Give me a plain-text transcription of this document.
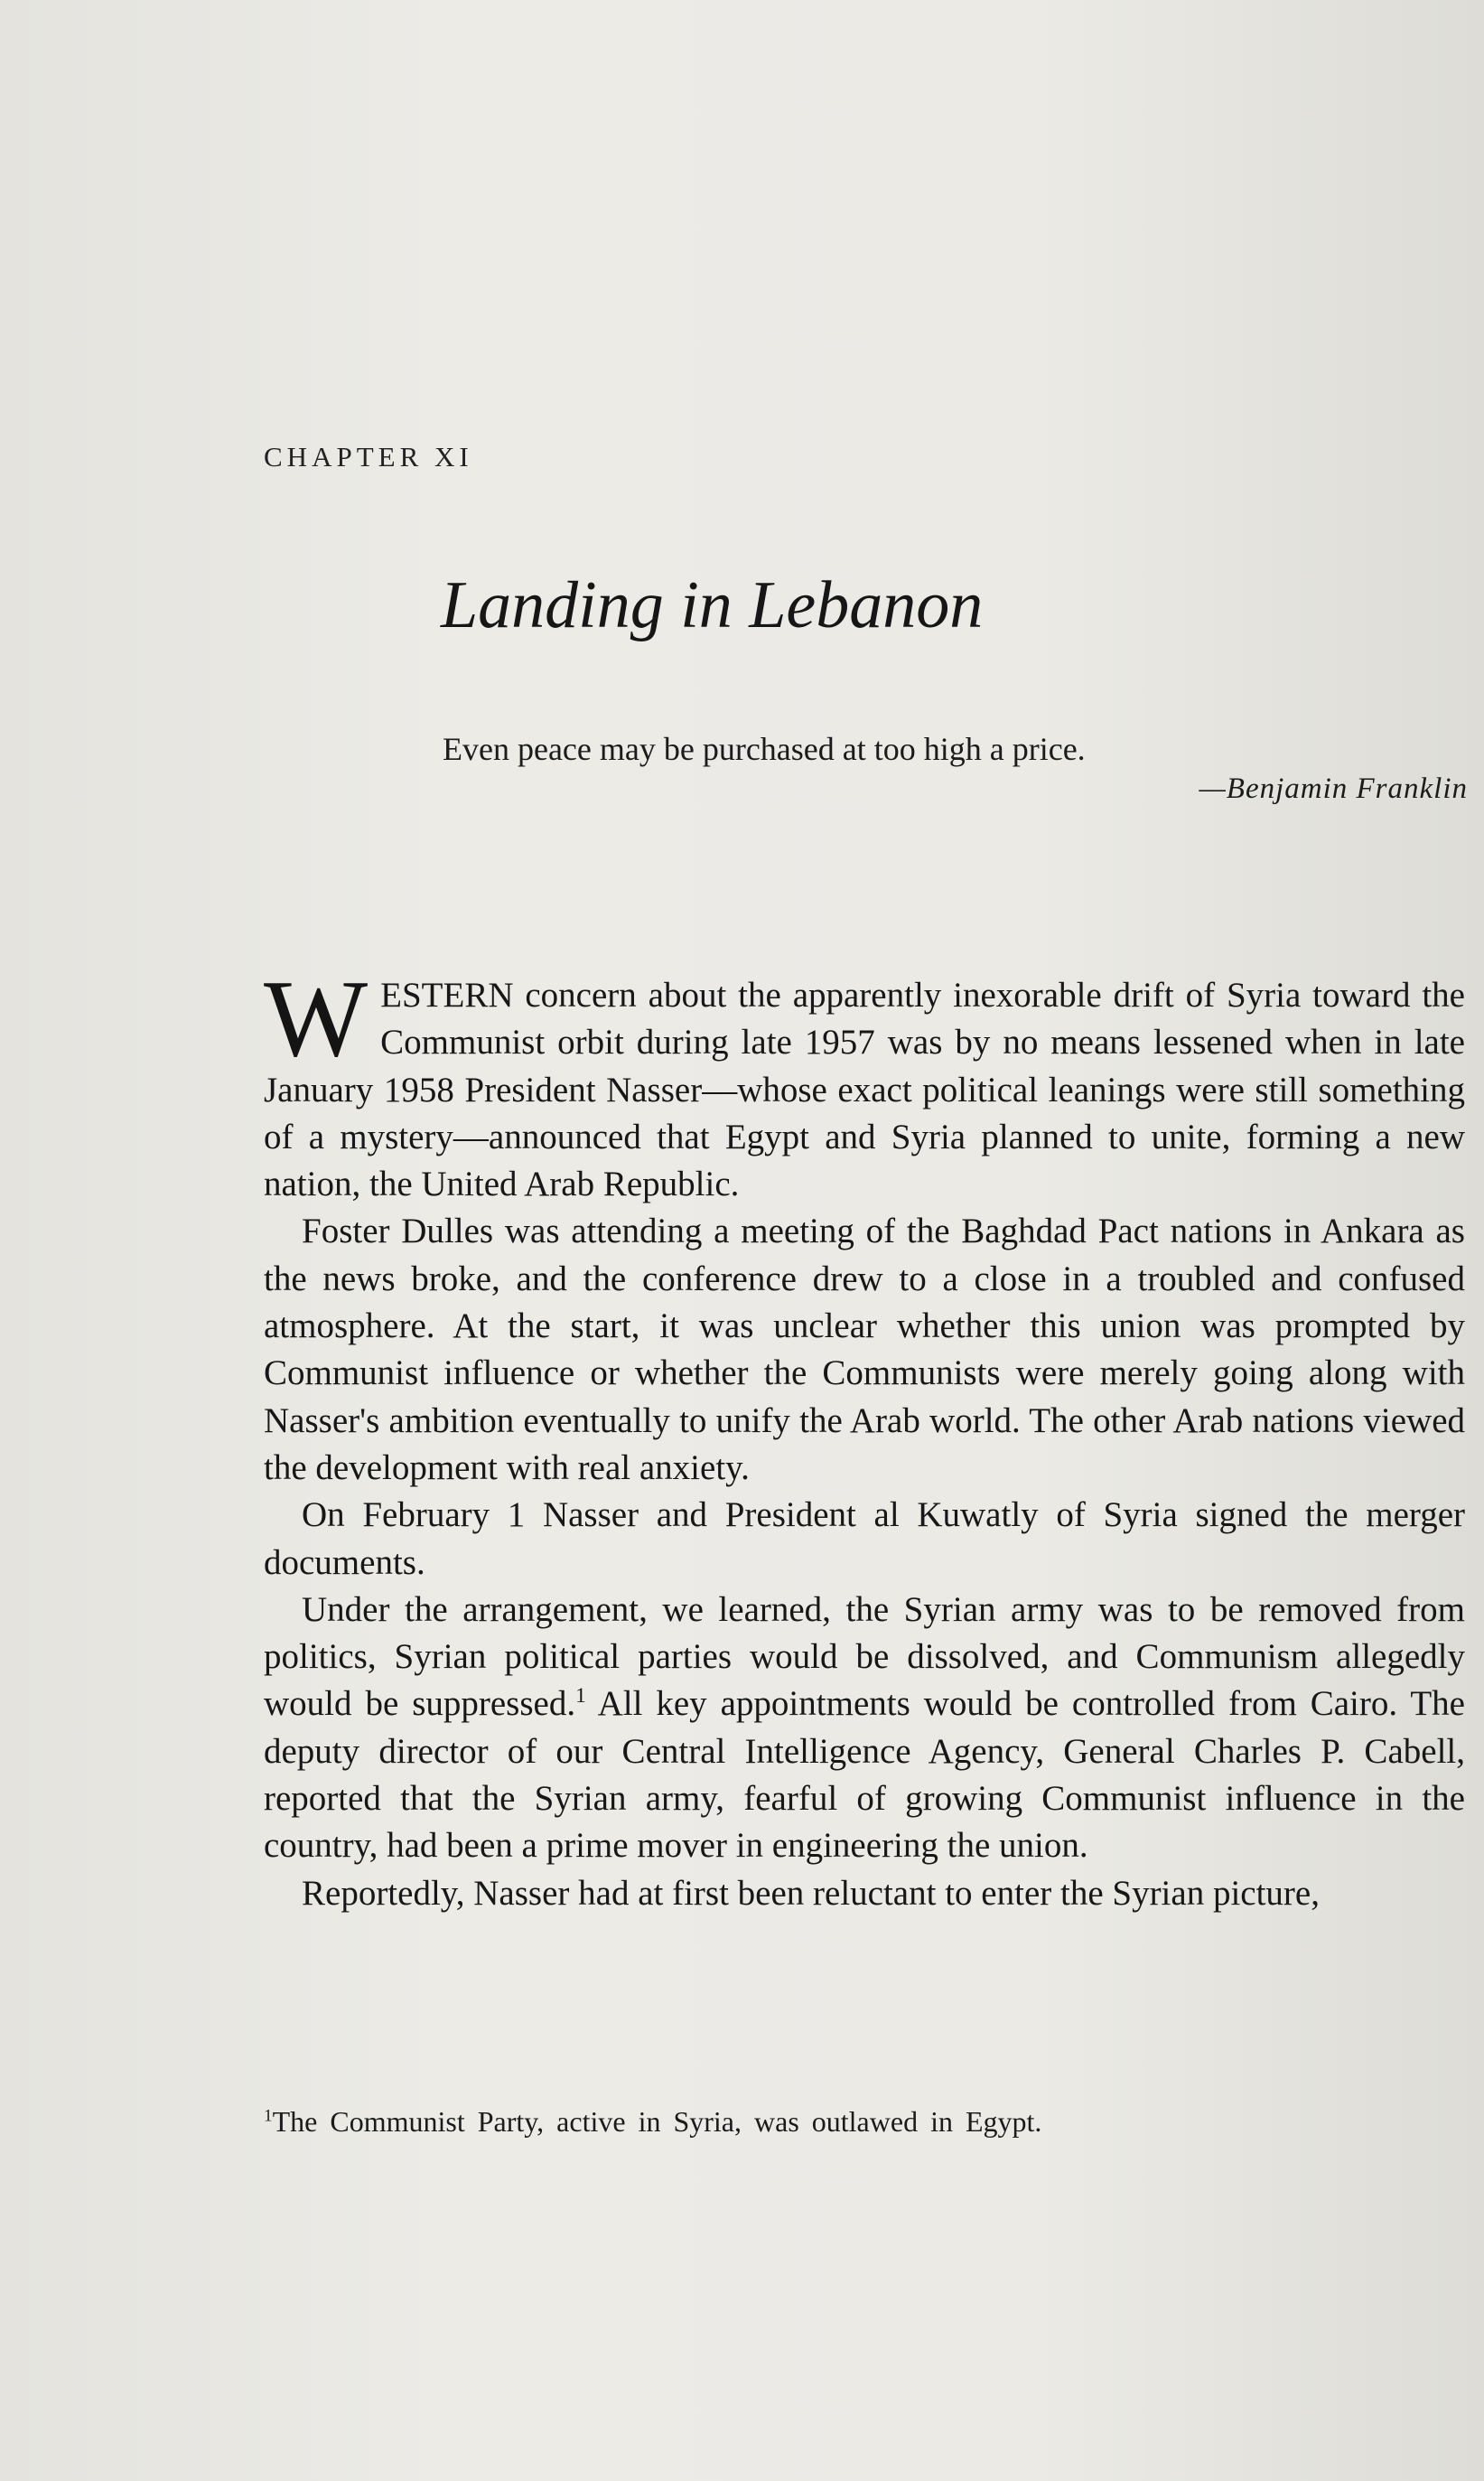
CHAPTER XI
Landing in Lebanon
Even peace may be purchased at too high a price.
—Benjamin Franklin

WESTERN concern about the apparently inexorable drift of Syria toward the Communist orbit during late 1957 was by no means lessened when in late January 1958 President Nasser—whose exact political leanings were still something of a mystery—announced that Egypt and Syria planned to unite, forming a new nation, the United Arab Republic.

Foster Dulles was attending a meeting of the Baghdad Pact nations in Ankara as the news broke, and the conference drew to a close in a troubled and confused atmosphere. At the start, it was unclear whether this union was prompted by Communist influence or whether the Communists were merely going along with Nasser's ambition eventually to unify the Arab world. The other Arab nations viewed the development with real anxiety.

On February 1 Nasser and President al Kuwatly of Syria signed the merger documents.

Under the arrangement, we learned, the Syrian army was to be removed from politics, Syrian political parties would be dissolved, and Communism allegedly would be suppressed.$^1$ All key appointments would be controlled from Cairo. The deputy director of our Central Intelligence Agency, General Charles P. Cabell, reported that the Syrian army, fearful of growing Communist influence in the country, had been a prime mover in engineering the union.

Reportedly, Nasser had at first been reluctant to enter the Syrian picture,

$^1$The Communist Party, active in Syria, was outlawed in Egypt.
